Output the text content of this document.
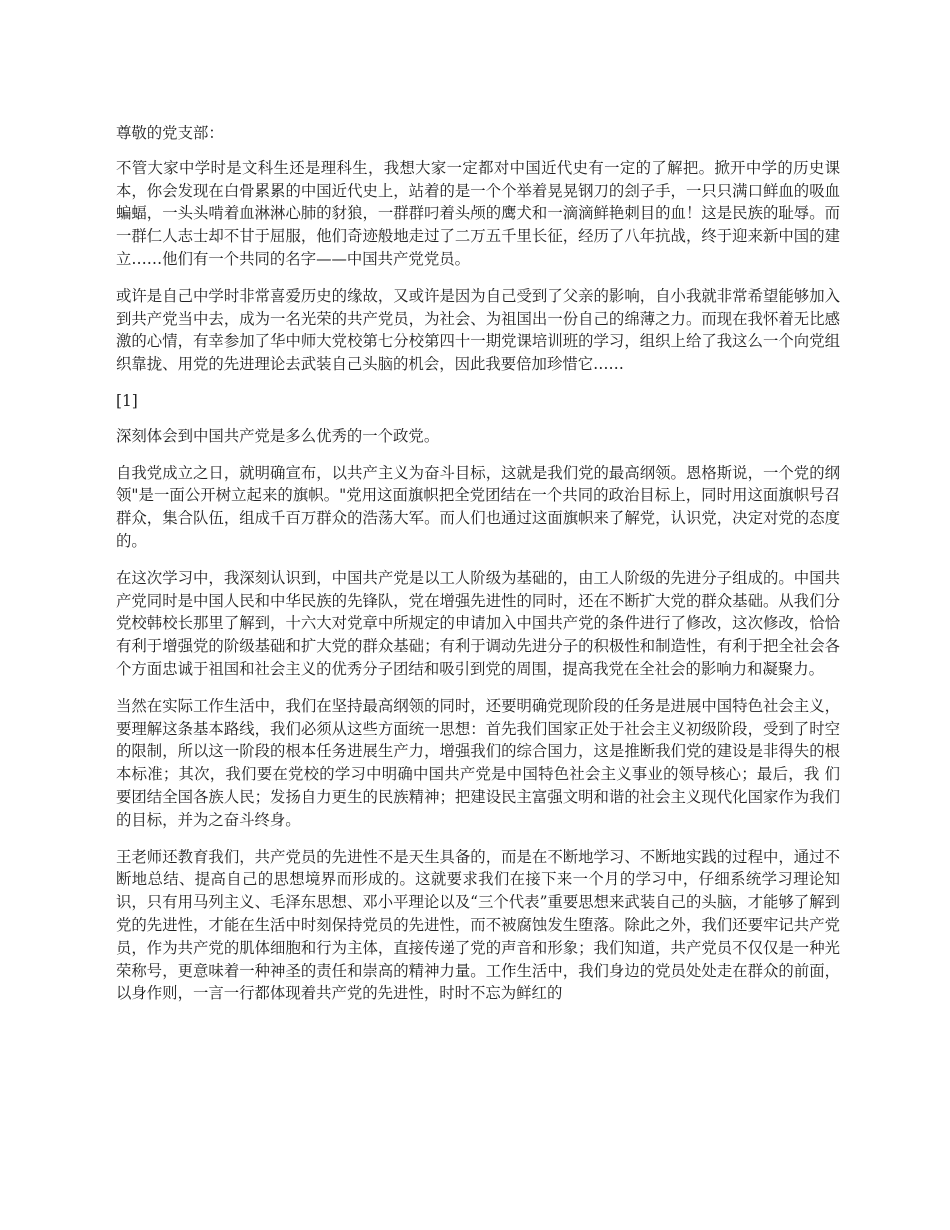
尊敬的党支部：

不管大家中学时是文科生还是理科生，我想大家一定都对中国近代史有一定的了解把。掀开中学的历史课本，你会发现在白骨累累的中国近代史上，站着的是一个个举着晃晃钢刀的刽子手，一只只满口鲜血的吸血蝙蝠，一头头啃着血淋淋心肺的豺狼，一群群叼着头颅的鹰犬和一滴滴鲜艳刺目的血！这是民族的耻辱。而一群仁人志士却不甘于屈服，他们奇迹般地走过了二万五千里长征，经历了八年抗战，终于迎来新中国的建立……他们有一个共同的名字——中国共产党党员。

或许是自己中学时非常喜爱历史的缘故，又或许是因为自己受到了父亲的影响，自小我就非常希望能够加入到共产党当中去，成为一名光荣的共产党员，为社会、为祖国出一份自己的绵薄之力。而现在我怀着无比感激的心情，有幸参加了华中师大党校第七分校第四十一期党课培训班的学习，组织上给了我这么一个向党组织靠拢、用党的先进理论去武装自己头脑的机会，因此我要倍加珍惜它……

[1]

深刻体会到中国共产党是多么优秀的一个政党。

自我党成立之日，就明确宣布，以共产主义为奋斗目标，这就是我们党的最高纲领。恩格斯说，一个党的纲领"是一面公开树立起来的旗帜。"党用这面旗帜把全党团结在一个共同的政治目标上，同时用这面旗帜号召群众，集合队伍，组成千百万群众的浩荡大军。而人们也通过这面旗帜来了解党，认识党，决定对党的态度的。

在这次学习中，我深刻认识到，中国共产党是以工人阶级为基础的，由工人阶级的先进分子组成的。中国共产党同时是中国人民和中华民族的先锋队，党在增强先进性的同时，还在不断扩大党的群众基础。从我们分党校韩校长那里了解到，十六大对党章中所规定的申请加入中国共产党的条件进行了修改，这次修改，恰恰有利于增强党的阶级基础和扩大党的群众基础；有利于调动先进分子的积极性和制造性，有利于把全社会各个方面忠诚于祖国和社会主义的优秀分子团结和吸引到党的周围，提高我党在全社会的影响力和凝聚力。

当然在实际工作生活中，我们在坚持最高纲领的同时，还要明确党现阶段的任务是进展中国特色社会主义，要理解这条基本路线，我们必须从这些方面统一思想：首先我们国家正处于社会主义初级阶段，受到了时空的限制，所以这一阶段的根本任务进展生产力，增强我们的综合国力，这是推断我们党的建设是非得失的根本标准；其次，我们要在党校的学习中明确中国共产党是中国特色社会主义事业的领导核心；最后，我 们要团结全国各族人民；发扬自力更生的民族精神；把建设民主富强文明和谐的社会主义现代化国家作为我们的目标，并为之奋斗终身。

王老师还教育我们，共产党员的先进性不是天生具备的，而是在不断地学习、不断地实践的过程中，通过不断地总结、提高自己的思想境界而形成的。这就要求我们在接下来一个月的学习中，仔细系统学习理论知识，只有用马列主义、毛泽东思想、邓小平理论以及“三个代表”重要思想来武装自己的头脑，才能够了解到党的先进性，才能在生活中时刻保持党员的先进性，而不被腐蚀发生堕落。除此之外，我们还要牢记共产党员，作为共产党的肌体细胞和行为主体，直接传递了党的声音和形象；我们知道，共产党员不仅仅是一种光荣称号，更意味着一种神圣的责任和崇高的精神力量。工作生活中，我们身边的党员处处走在群众的前面，以身作则，一言一行都体现着共产党的先进性，时时不忘为鲜红的
